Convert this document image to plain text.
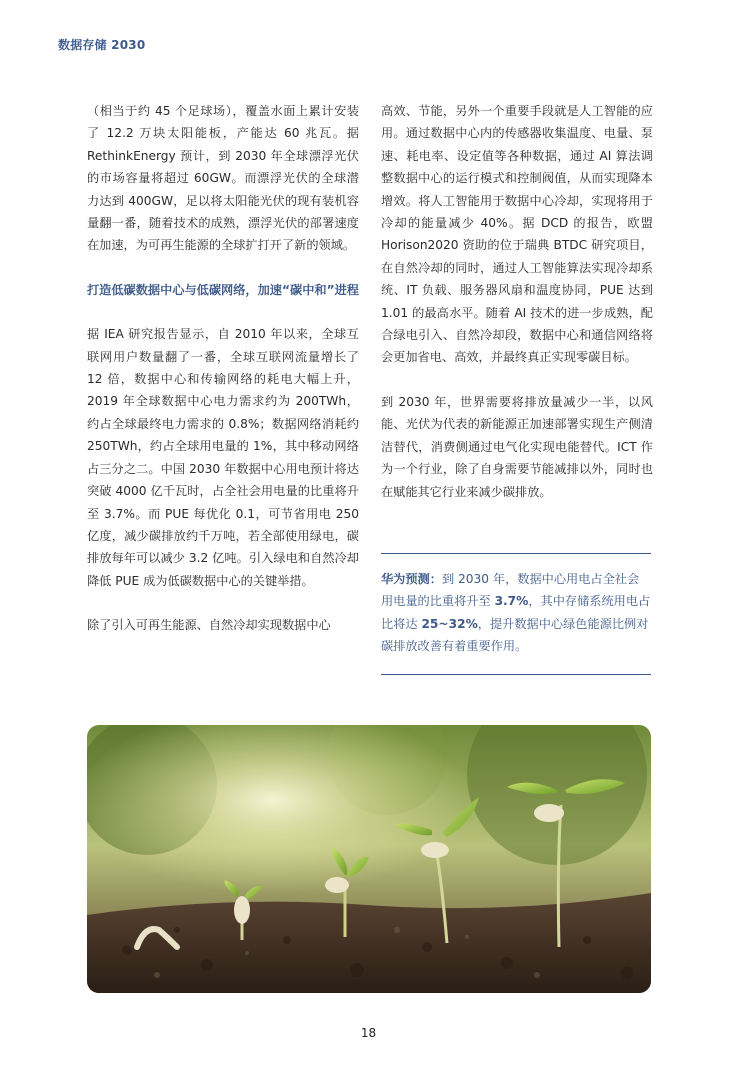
数据存储 2030

（相当于约 45 个足球场），覆盖水面上累计安装了 12.2 万块太阳能板，产能达 60 兆瓦。据 RethinkEnergy 预计，到 2030 年全球漂浮光伏的市场容量将超过 60GW。而漂浮光伏的全球潜力达到 400GW，足以将太阳能光伏的现有装机容量翻一番，随着技术的成熟，漂浮光伏的部署速度在加速，为可再生能源的全球扩打开了新的领域。

打造低碳数据中心与低碳网络，加速“碳中和”进程

据 IEA 研究报告显示，自 2010 年以来，全球互联网用户数量翻了一番，全球互联网流量增长了 12 倍，数据中心和传输网络的耗电大幅上升，2019 年全球数据中心电力需求约为 200TWh，约占全球最终电力需求的 0.8%；数据网络消耗约 250TWh，约占全球用电量的 1%，其中移动网络占三分之二。中国 2030 年数据中心用电预计将达突破 4000 亿千瓦时，占全社会用电量的比重将升至 3.7%。而 PUE 每优化 0.1，可节省用电 250 亿度，减少碳排放约千万吨，若全部使用绿电，碳排放每年可以减少 3.2 亿吨。引入绿电和自然冷却降低 PUE 成为低碳数据中心的关键举措。

除了引入可再生能源、自然冷却实现数据中心

高效、节能，另外一个重要手段就是人工智能的应用。通过数据中心内的传感器收集温度、电量、泵速、耗电率、设定值等各种数据，通过 AI 算法调整数据中心的运行模式和控制阀值，从而实现降本增效。将人工智能用于数据中心冷却，实现将用于冷却的能量减少 40%。据 DCD 的报告，欧盟 Horison2020 资助的位于瑞典 BTDC 研究项目，在自然冷却的同时，通过人工智能算法实现冷却系统、IT 负载、服务器风扇和温度协同，PUE 达到 1.01 的最高水平。随着 AI 技术的进一步成熟，配合绿电引入、自然冷却段，数据中心和通信网络将会更加省电、高效，并最终真正实现零碳目标。

到 2030 年，世界需要将排放量减少一半，以风能、光伏为代表的新能源正加速部署实现生产侧清洁替代，消费侧通过电气化实现电能替代。ICT 作为一个行业，除了自身需要节能减排以外，同时也在赋能其它行业来减少碳排放。

华为预测：到 2030 年，数据中心用电占全社会用电量的比重将升至 3.7%，其中存储系统用电占比将达 25~32%，提升数据中心绿色能源比例对碳排放改善有着重要作用。
18
